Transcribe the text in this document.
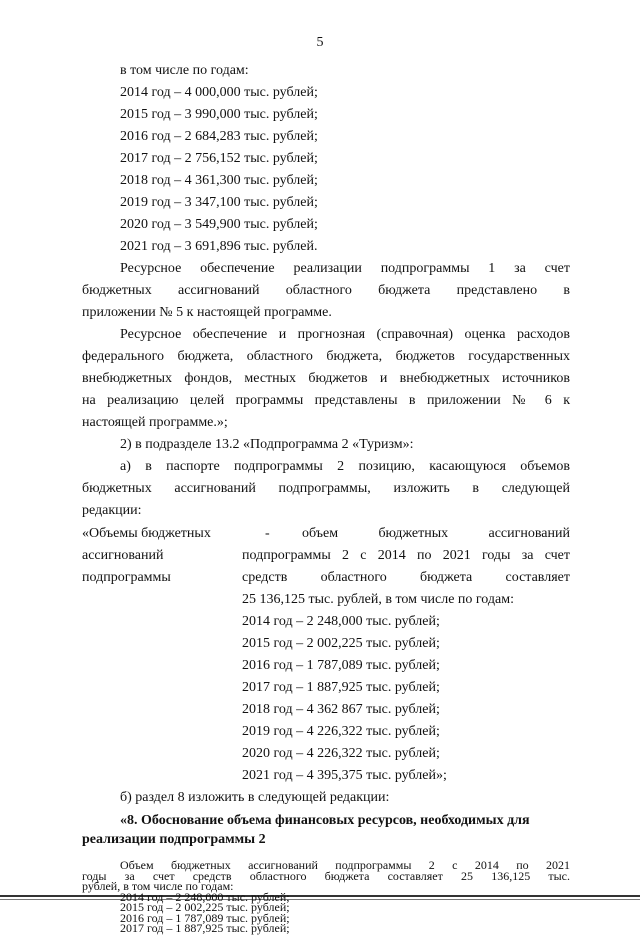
5
в том числе по годам:
2014 год – 4 000,000 тыс. рублей;
2015 год – 3 990,000 тыс. рублей;
2016 год – 2 684,283 тыс. рублей;
2017 год – 2 756,152 тыс. рублей;
2018 год – 4 361,300 тыс. рублей;
2019 год – 3 347,100 тыс. рублей;
2020 год – 3 549,900 тыс. рублей;
2021 год – 3 691,896 тыс. рублей.
Ресурсное обеспечение реализации подпрограммы 1 за счет
бюджетных ассигнований областного бюджета представлено в
приложении № 5 к настоящей программе.
Ресурсное обеспечение и прогнозная (справочная) оценка расходов
федерального бюджета, областного бюджета, бюджетов государственных
внебюджетных фондов, местных бюджетов и внебюджетных источников
на реализацию целей программы представлены в приложении № 6 к
настоящей программе.»;
2) в подразделе 13.2 «Подпрограмма 2 «Туризм»:
а) в паспорте подпрограммы 2 позицию, касающуюся объемов
бюджетных ассигнований подпрограммы, изложить в следующей
редакции:
«Объемы бюджетных
ассигнований
подпрограммы
- объем бюджетных ассигнований
подпрограммы 2 с 2014 по 2021 годы за счет
средств областного бюджета составляет
25 136,125 тыс. рублей, в том числе по годам:
2014 год – 2 248,000 тыс. рублей;
2015 год – 2 002,225 тыс. рублей;
2016 год – 1 787,089 тыс. рублей;
2017 год – 1 887,925 тыс. рублей;
2018 год – 4 362 867 тыс. рублей;
2019 год – 4 226,322 тыс. рублей;
2020 год – 4 226,322 тыс. рублей;
2021 год – 4 395,375 тыс. рублей»;
б) раздел 8 изложить в следующей редакции:
«8. Обоснование объема финансовых ресурсов, необходимых для
реализации подпрограммы 2
Объем бюджетных ассигнований подпрограммы 2 с 2014 по 2021
годы за счет средств областного бюджета составляет 25 136,125 тыс.
рублей, в том числе по годам:
2014 год – 2 248,000 тыс. рублей;
2015 год – 2 002,225 тыс. рублей;
2016 год – 1 787,089 тыс. рублей;
2017 год – 1 887,925 тыс. рублей;
